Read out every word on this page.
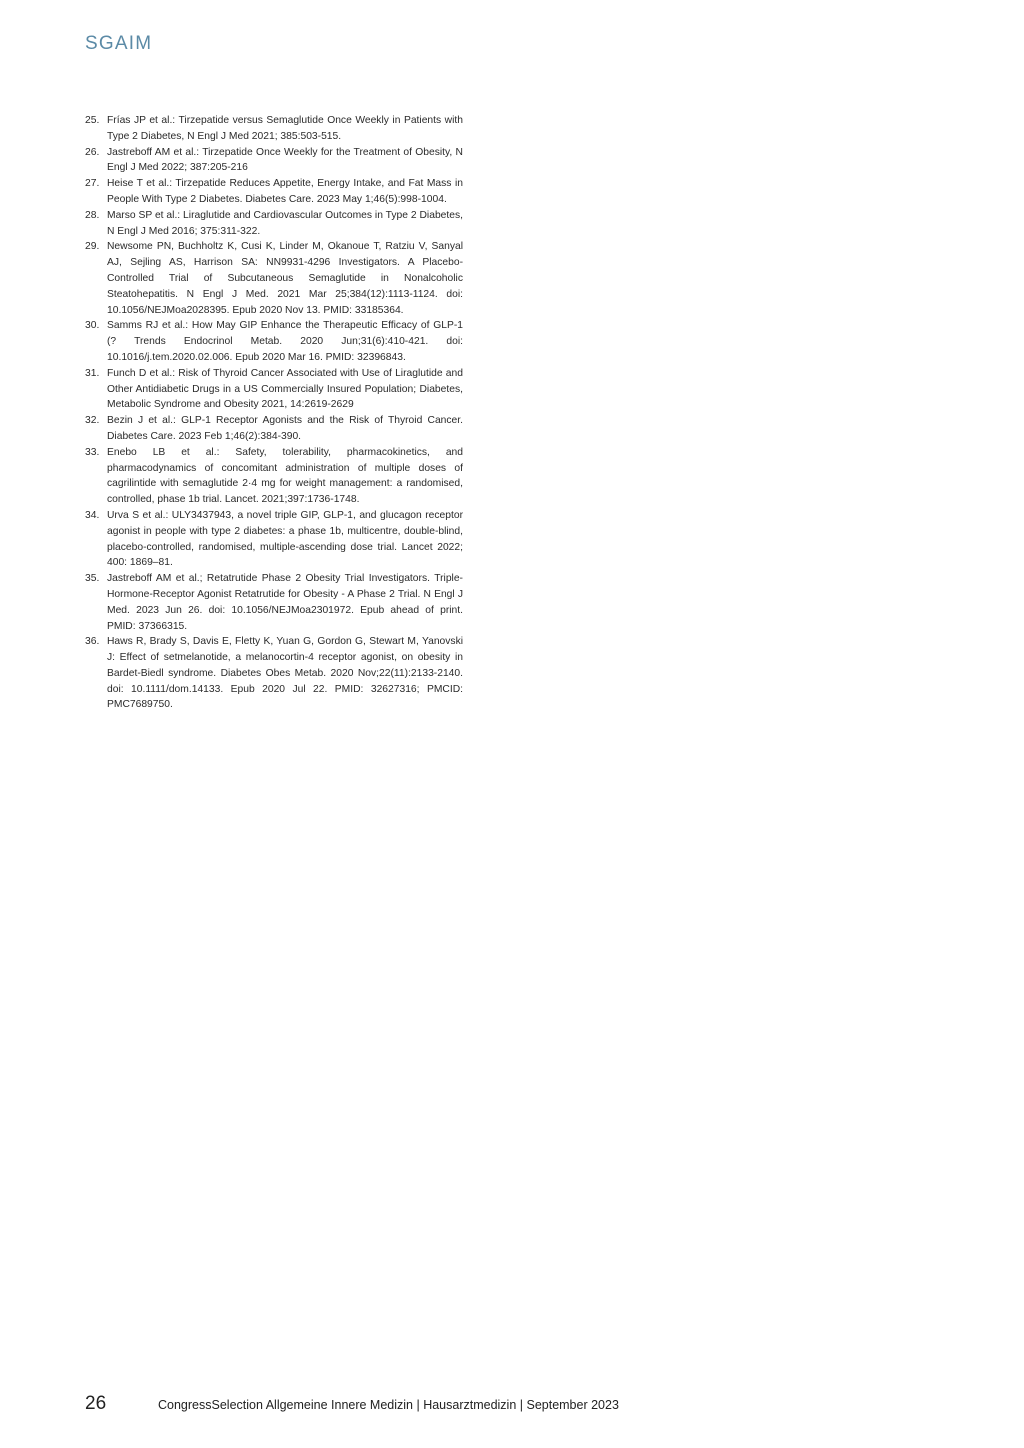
SGAIM
25. Frías JP et al.: Tirzepatide versus Semaglutide Once Weekly in Patients with Type 2 Diabetes, N Engl J Med 2021; 385:503-515.
26. Jastreboff AM et al.: Tirzepatide Once Weekly for the Treatment of Obesity, N Engl J Med 2022; 387:205-216
27. Heise T et al.: Tirzepatide Reduces Appetite, Energy Intake, and Fat Mass in People With Type 2 Diabetes. Diabetes Care. 2023 May 1;46(5):998-1004.
28. Marso SP et al.: Liraglutide and Cardiovascular Outcomes in Type 2 Diabetes, N Engl J Med 2016; 375:311-322.
29. Newsome PN, Buchholtz K, Cusi K, Linder M, Okanoue T, Ratziu V, Sanyal AJ, Sejling AS, Harrison SA: NN9931-4296 Investigators. A Placebo-Controlled Trial of Subcutaneous Semaglutide in Nonalcoholic Steatohepatitis. N Engl J Med. 2021 Mar 25;384(12):1113-1124. doi: 10.1056/NEJMoa2028395. Epub 2020 Nov 13. PMID: 33185364.
30. Samms RJ et al.: How May GIP Enhance the Therapeutic Efficacy of GLP-1 (? Trends Endocrinol Metab. 2020 Jun;31(6):410-421. doi: 10.1016/j.tem.2020.02.006. Epub 2020 Mar 16. PMID: 32396843.
31. Funch D et al.: Risk of Thyroid Cancer Associated with Use of Liraglutide and Other Antidiabetic Drugs in a US Commercially Insured Population; Diabetes, Metabolic Syndrome and Obesity 2021, 14:2619-2629
32. Bezin J et al.: GLP-1 Receptor Agonists and the Risk of Thyroid Cancer. Diabetes Care. 2023 Feb 1;46(2):384-390.
33. Enebo LB et al.: Safety, tolerability, pharmacokinetics, and pharmacodynamics of concomitant administration of multiple doses of cagrilintide with semaglutide 2·4 mg for weight management: a randomised, controlled, phase 1b trial. Lancet. 2021;397:1736-1748.
34. Urva S et al.: ULY3437943, a novel triple GIP, GLP-1, and glucagon receptor agonist in people with type 2 diabetes: a phase 1b, multicentre, double-blind, placebo-controlled, randomised, multiple-ascending dose trial. Lancet 2022; 400: 1869–81.
35. Jastreboff AM et al.; Retatrutide Phase 2 Obesity Trial Investigators. Triple-Hormone-Receptor Agonist Retatrutide for Obesity - A Phase 2 Trial. N Engl J Med. 2023 Jun 26. doi: 10.1056/NEJMoa2301972. Epub ahead of print. PMID: 37366315.
36. Haws R, Brady S, Davis E, Fletty K, Yuan G, Gordon G, Stewart M, Yanovski J: Effect of setmelanotide, a melanocortin-4 receptor agonist, on obesity in Bardet-Biedl syndrome. Diabetes Obes Metab. 2020 Nov;22(11):2133-2140. doi: 10.1111/dom.14133. Epub 2020 Jul 22. PMID: 32627316; PMCID: PMC7689750.
26	CongressSelection Allgemeine Innere Medizin | Hausarztmedizin | September 2023
